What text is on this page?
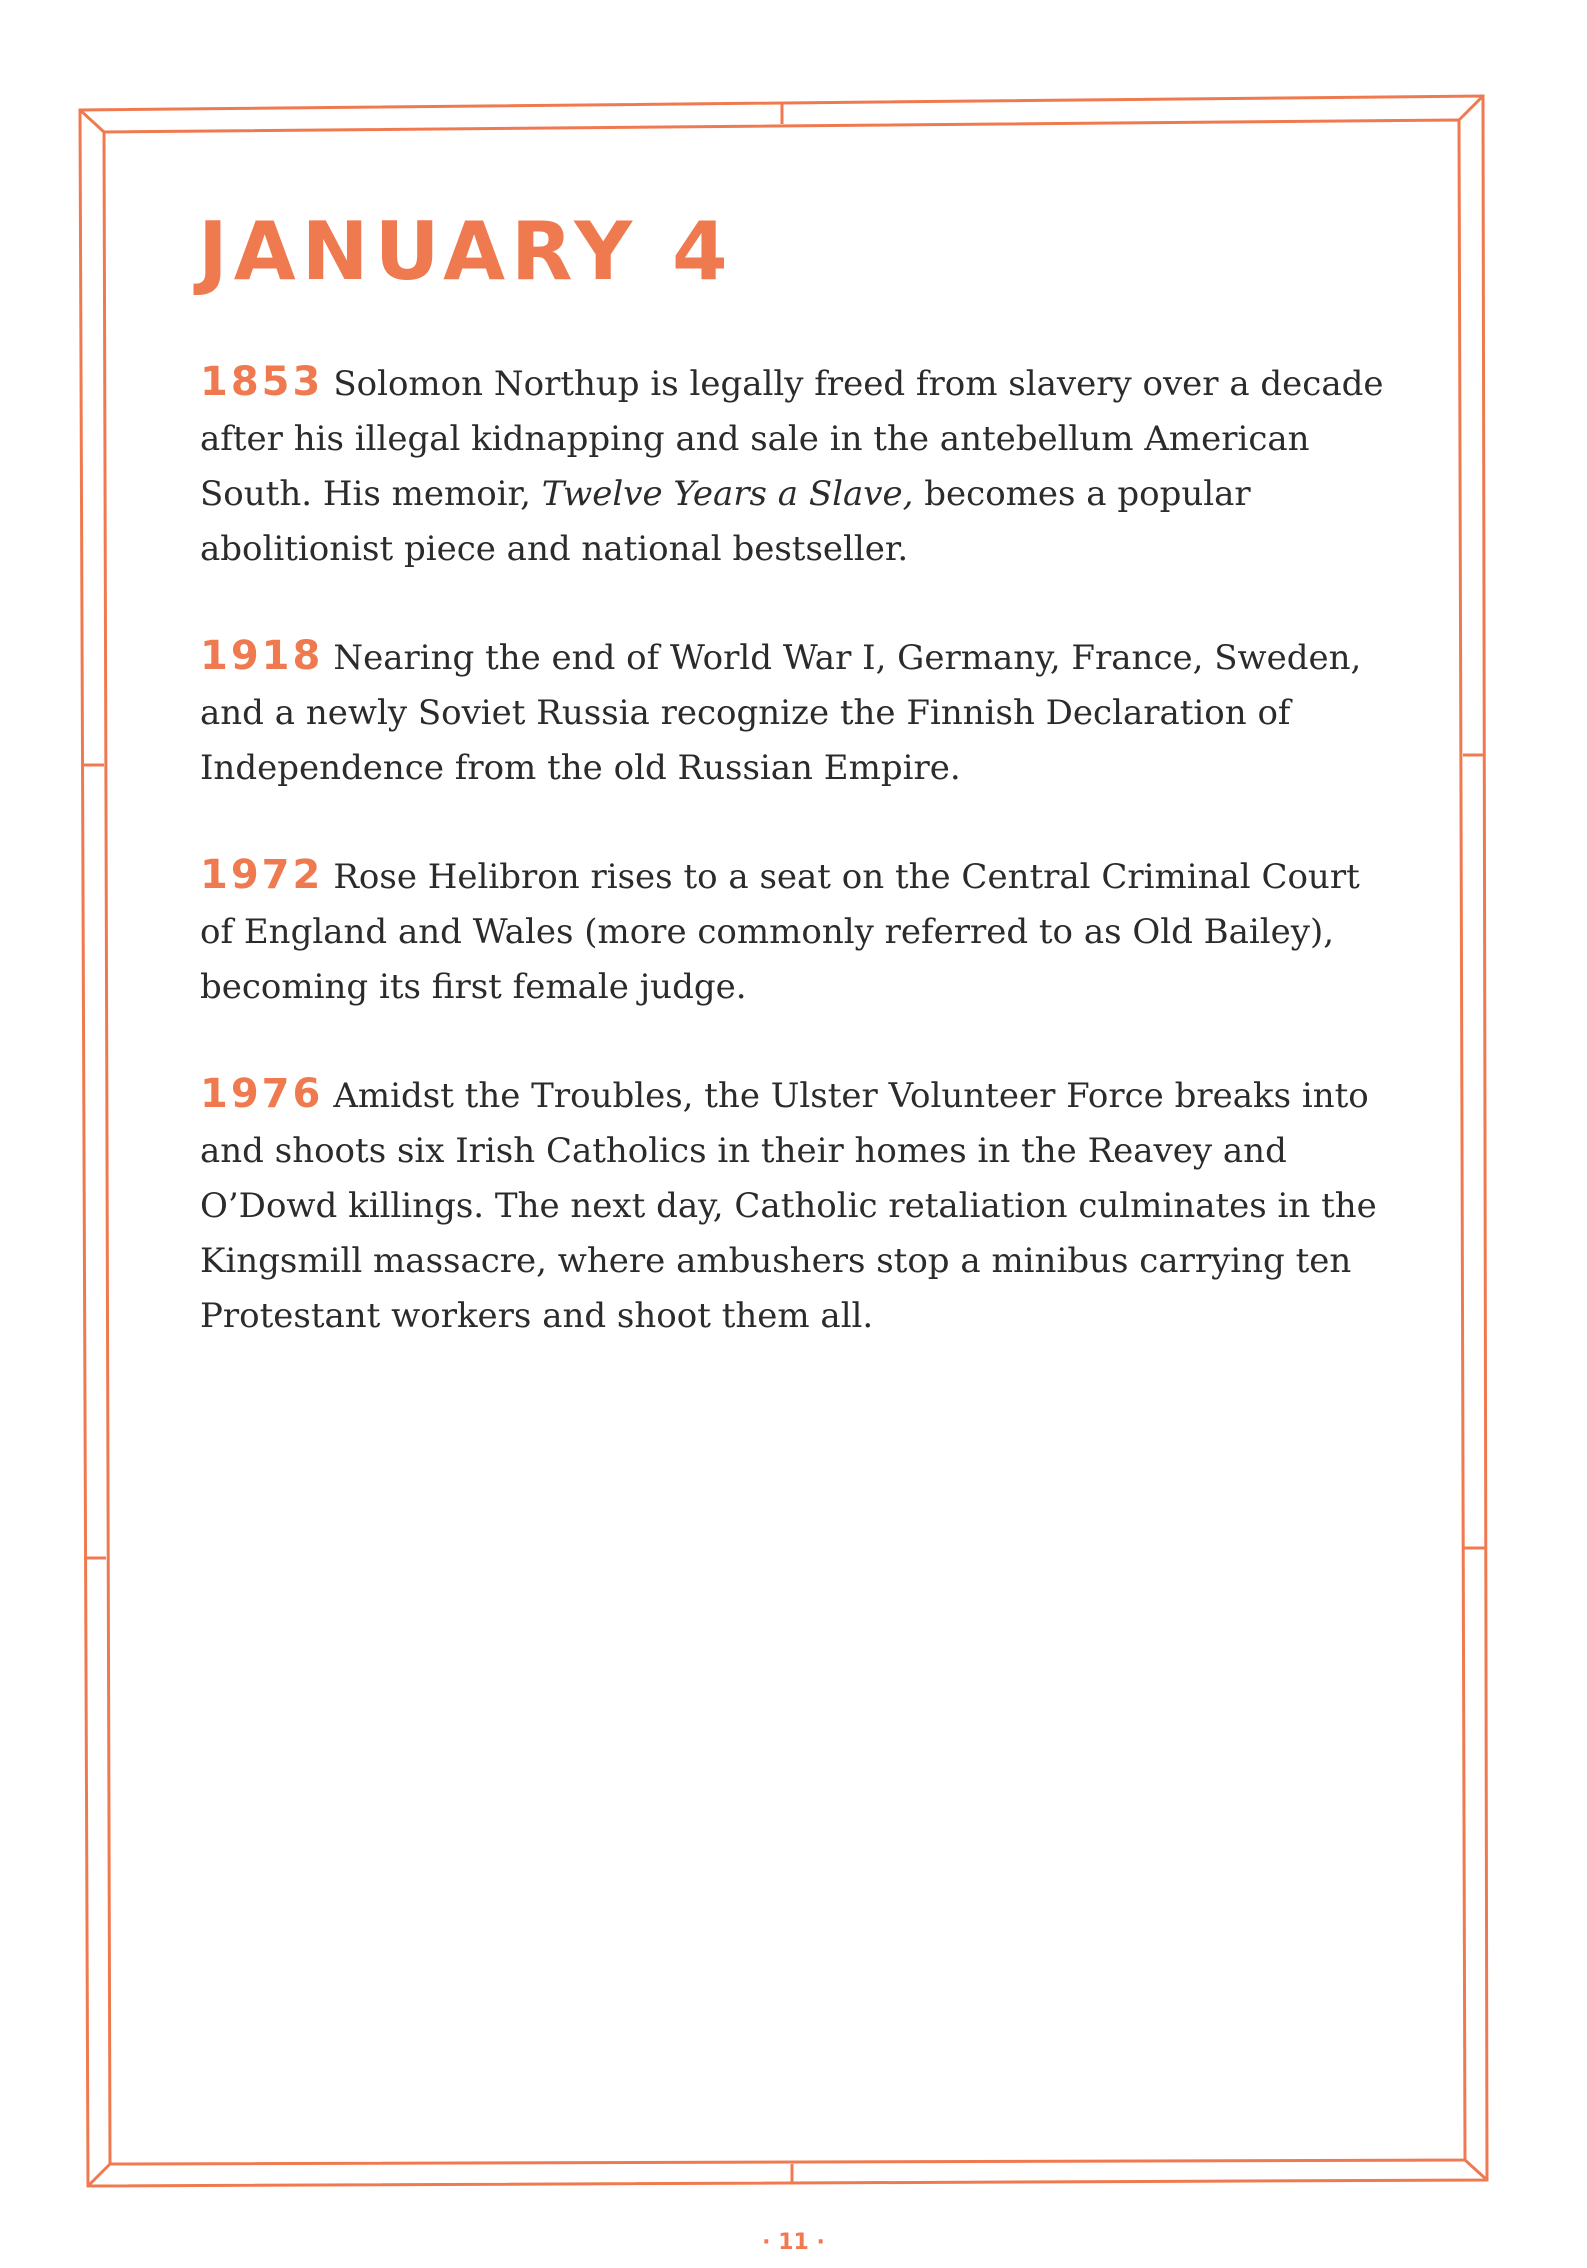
JANUARY 4

1853 Solomon Northup is legally freed from slavery over a decade after his illegal kidnapping and sale in the antebellum American South. His memoir, Twelve Years a Slave, becomes a popular abolitionist piece and national bestseller.

1918 Nearing the end of World War I, Germany, France, Sweden, and a newly Soviet Russia recognize the Finnish Declaration of Independence from the old Russian Empire.

1972 Rose Helibron rises to a seat on the Central Criminal Court of England and Wales (more commonly referred to as Old Bailey), becoming its first female judge.

1976 Amidst the Troubles, the Ulster Volunteer Force breaks into and shoots six Irish Catholics in their homes in the Reavey and O’Dowd killings. The next day, Catholic retaliation culminates in the Kingsmill massacre, where ambushers stop a minibus carrying ten Protestant workers and shoot them all.

· 11 ·
